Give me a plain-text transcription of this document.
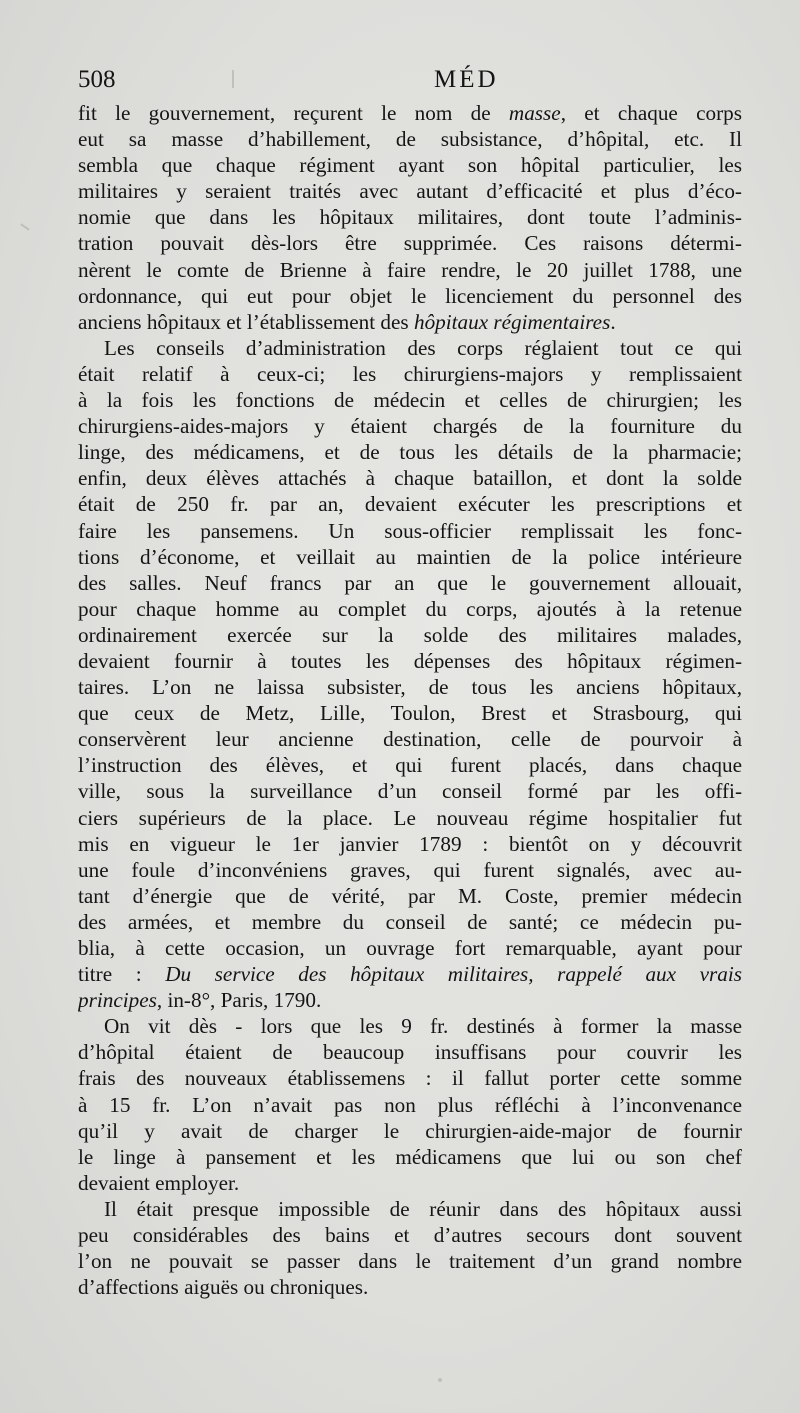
508	MÉD
fit le gouvernement, reçurent le nom de masse, et chaque corps
eut sa masse d’habillement, de subsistance, d’hôpital, etc. Il
sembla que chaque régiment ayant son hôpital particulier, les
militaires y seraient traités avec autant d’efficacité et plus d’éco-
nomie que dans les hôpitaux militaires, dont toute l’adminis-
tration pouvait dès-lors être supprimée. Ces raisons détermi-
nèrent le comte de Brienne à faire rendre, le 20 juillet 1788, une
ordonnance, qui eut pour objet le licenciement du personnel des
anciens hôpitaux et l’établissement des hôpitaux régimentaires.
Les conseils d’administration des corps réglaient tout ce qui
était relatif à ceux-ci; les chirurgiens-majors y remplissaient
à la fois les fonctions de médecin et celles de chirurgien; les
chirurgiens-aides-majors y étaient chargés de la fourniture du
linge, des médicamens, et de tous les détails de la pharmacie;
enfin, deux élèves attachés à chaque bataillon, et dont la solde
était de 250 fr. par an, devaient exécuter les prescriptions et
faire les pansemens. Un sous-officier remplissait les fonc-
tions d’économe, et veillait au maintien de la police intérieure
des salles. Neuf francs par an que le gouvernement allouait,
pour chaque homme au complet du corps, ajoutés à la retenue
ordinairement exercée sur la solde des militaires malades,
devaient fournir à toutes les dépenses des hôpitaux régimen-
taires. L’on ne laissa subsister, de tous les anciens hôpitaux,
que ceux de Metz, Lille, Toulon, Brest et Strasbourg, qui
conservèrent leur ancienne destination, celle de pourvoir à
l’instruction des élèves, et qui furent placés, dans chaque
ville, sous la surveillance d’un conseil formé par les offi-
ciers supérieurs de la place. Le nouveau régime hospitalier fut
mis en vigueur le 1er janvier 1789 : bientôt on y découvrit
une foule d’inconvéniens graves, qui furent signalés, avec au-
tant d’énergie que de vérité, par M. Coste, premier médecin
des armées, et membre du conseil de santé; ce médecin pu-
blia, à cette occasion, un ouvrage fort remarquable, ayant pour
titre : Du service des hôpitaux militaires, rappelé aux vrais
principes, in-8°, Paris, 1790.
On vit dès - lors que les 9 fr. destinés à former la masse
d’hôpital étaient de beaucoup insuffisans pour couvrir les
frais des nouveaux établissemens : il fallut porter cette somme
à 15 fr. L’on n’avait pas non plus réfléchi à l’inconvenance
qu’il y avait de charger le chirurgien-aide-major de fournir
le linge à pansement et les médicamens que lui ou son chef
devaient employer.
Il était presque impossible de réunir dans des hôpitaux aussi
peu considérables des bains et d’autres secours dont souvent
l’on ne pouvait se passer dans le traitement d’un grand nombre
d’affections aiguës ou chroniques.
